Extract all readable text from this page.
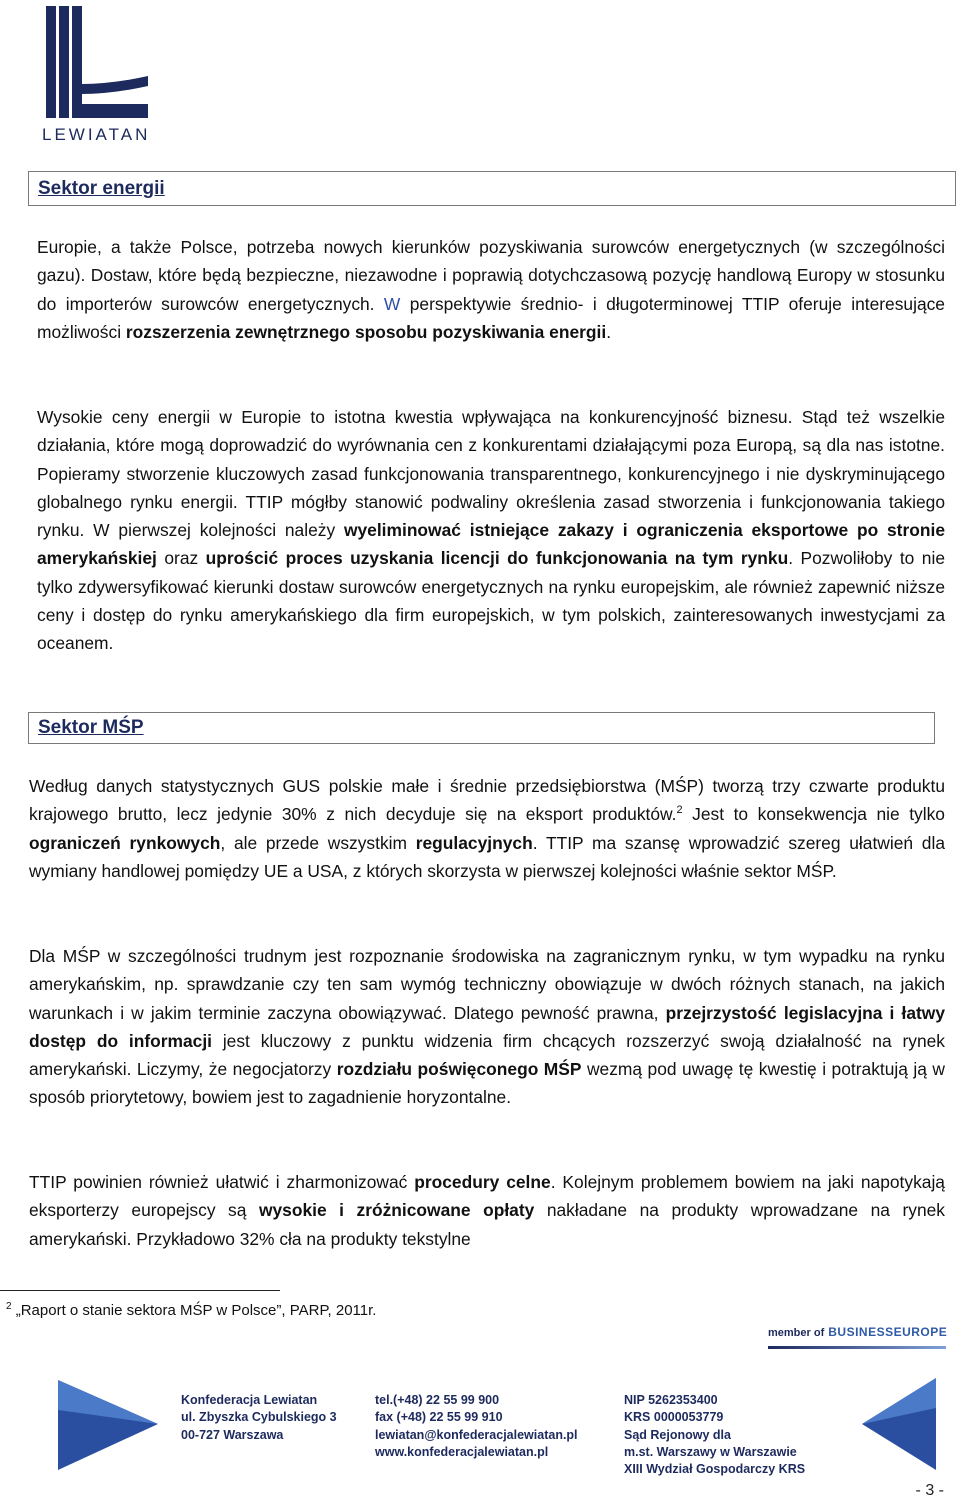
LEWIATAN
Sektor energii

Europie, a także Polsce, potrzeba nowych kierunków pozyskiwania surowców energetycznych (w szczególności gazu). Dostaw, które będą bezpieczne, niezawodne i poprawią dotychczasową pozycję handlową Europy w stosunku do importerów surowców energetycznych. W perspektywie średnio- i długoterminowej TTIP oferuje interesujące możliwości rozszerzenia zewnętrznego sposobu pozyskiwania energii.

Wysokie ceny energii w Europie to istotna kwestia wpływająca na konkurencyjność biznesu. Stąd też wszelkie działania, które mogą doprowadzić do wyrównania cen z konkurentami działającymi poza Europą, są dla nas istotne. Popieramy stworzenie kluczowych zasad funkcjonowania transparentnego, konkurencyjnego i nie dyskryminującego globalnego rynku energii. TTIP mógłby stanowić podwaliny określenia zasad stworzenia i funkcjonowania takiego rynku. W pierwszej kolejności należy wyeliminować istniejące zakazy i ograniczenia eksportowe po stronie amerykańskiej oraz uprościć proces uzyskania licencji do funkcjonowania na tym rynku. Pozwoliłoby to nie tylko zdywersyfikować kierunki dostaw surowców energetycznych na rynku europejskim, ale również zapewnić niższe ceny i dostęp do rynku amerykańskiego dla firm europejskich, w tym polskich, zainteresowanych inwestycjami za oceanem.

Sektor MŚP

Według danych statystycznych GUS polskie małe i średnie przedsiębiorstwa (MŚP) tworzą trzy czwarte produktu krajowego brutto, lecz jedynie 30% z nich decyduje się na eksport produktów.$^2$ Jest to konsekwencja nie tylko ograniczeń rynkowych, ale przede wszystkim regulacyjnych. TTIP ma szansę wprowadzić szereg ułatwień dla wymiany handlowej pomiędzy UE a USA, z których skorzysta w pierwszej kolejności właśnie sektor MŚP.

Dla MŚP w szczególności trudnym jest rozpoznanie środowiska na zagranicznym rynku, w tym wypadku na rynku amerykańskim, np. sprawdzanie czy ten sam wymóg techniczny obowiązuje w dwóch różnych stanach, na jakich warunkach i w jakim terminie zaczyna obowiązywać. Dlatego pewność prawna, przejrzystość legislacyjna i łatwy dostęp do informacji jest kluczowy z punktu widzenia firm chcących rozszerzyć swoją działalność na rynek amerykański. Liczymy, że negocjatorzy rozdziału poświęconego MŚP wezmą pod uwagę tę kwestię i potraktują ją w sposób priorytetowy, bowiem jest to zagadnienie horyzontalne.

TTIP powinien również ułatwić i zharmonizować procedury celne. Kolejnym problemem bowiem na jaki napotykają eksporterzy europejscy są wysokie i zróżnicowane opłaty nakładane na produkty wprowadzane na rynek amerykański. Przykładowo 32% cła na produkty tekstylne

$^2$ „Raport o stanie sektora MŚP w Polsce”, PARP, 2011r.
member of BUSINESSEUROPE
Konfederacja Lewiatan
ul. Zbyszka Cybulskiego 3
00-727 Warszawa
tel.(+48) 22 55 99 900
fax (+48) 22 55 99 910
lewiatan@konfederacjalewiatan.pl
www.konfederacjalewiatan.pl
NIP 5262353400
KRS 0000053779
Sąd Rejonowy dla
m.st. Warszawy w Warszawie
XIII Wydział Gospodarczy KRS
- 3 -
